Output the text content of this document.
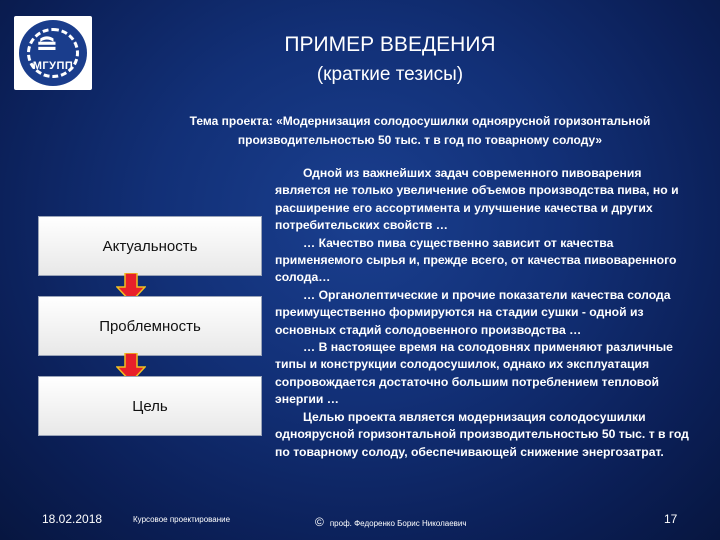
≘
МГУПП
ПРИМЕР ВВЕДЕНИЯ
(краткие тезисы)
Тема проекта: «Модернизация солодосушилки одноярусной горизонтальной
производительностью 50 тыс. т в год по товарному солоду»
Актуальность
Проблемность
Цель

Одной из важнейших задач современного пивоварения является не только увеличение объемов производства пива, но и расширение его ассортимента и улучшение качества и других потребительских свойств …

… Качество пива существенно зависит от качества применяемого сырья и, прежде всего, от качества пивоваренного солода…

… Органолептические и прочие показатели качества солода преимущественно формируются на стадии сушки - одной из основных стадий солодовенного производства …

… В настоящее время на солодовнях применяют различные типы и конструкции солодосушилок, однако их эксплуатация сопровождается достаточно большим потреблением тепловой энергии …

Целью проекта является модернизация солодосушилки одноярусной горизонтальной производительностью 50 тыс. т в год по товарному солоду, обеспечивающей снижение энергозатрат.

18.02.2018	Курсовое проектирование	© проф. Федоренко Борис Николаевич	17
